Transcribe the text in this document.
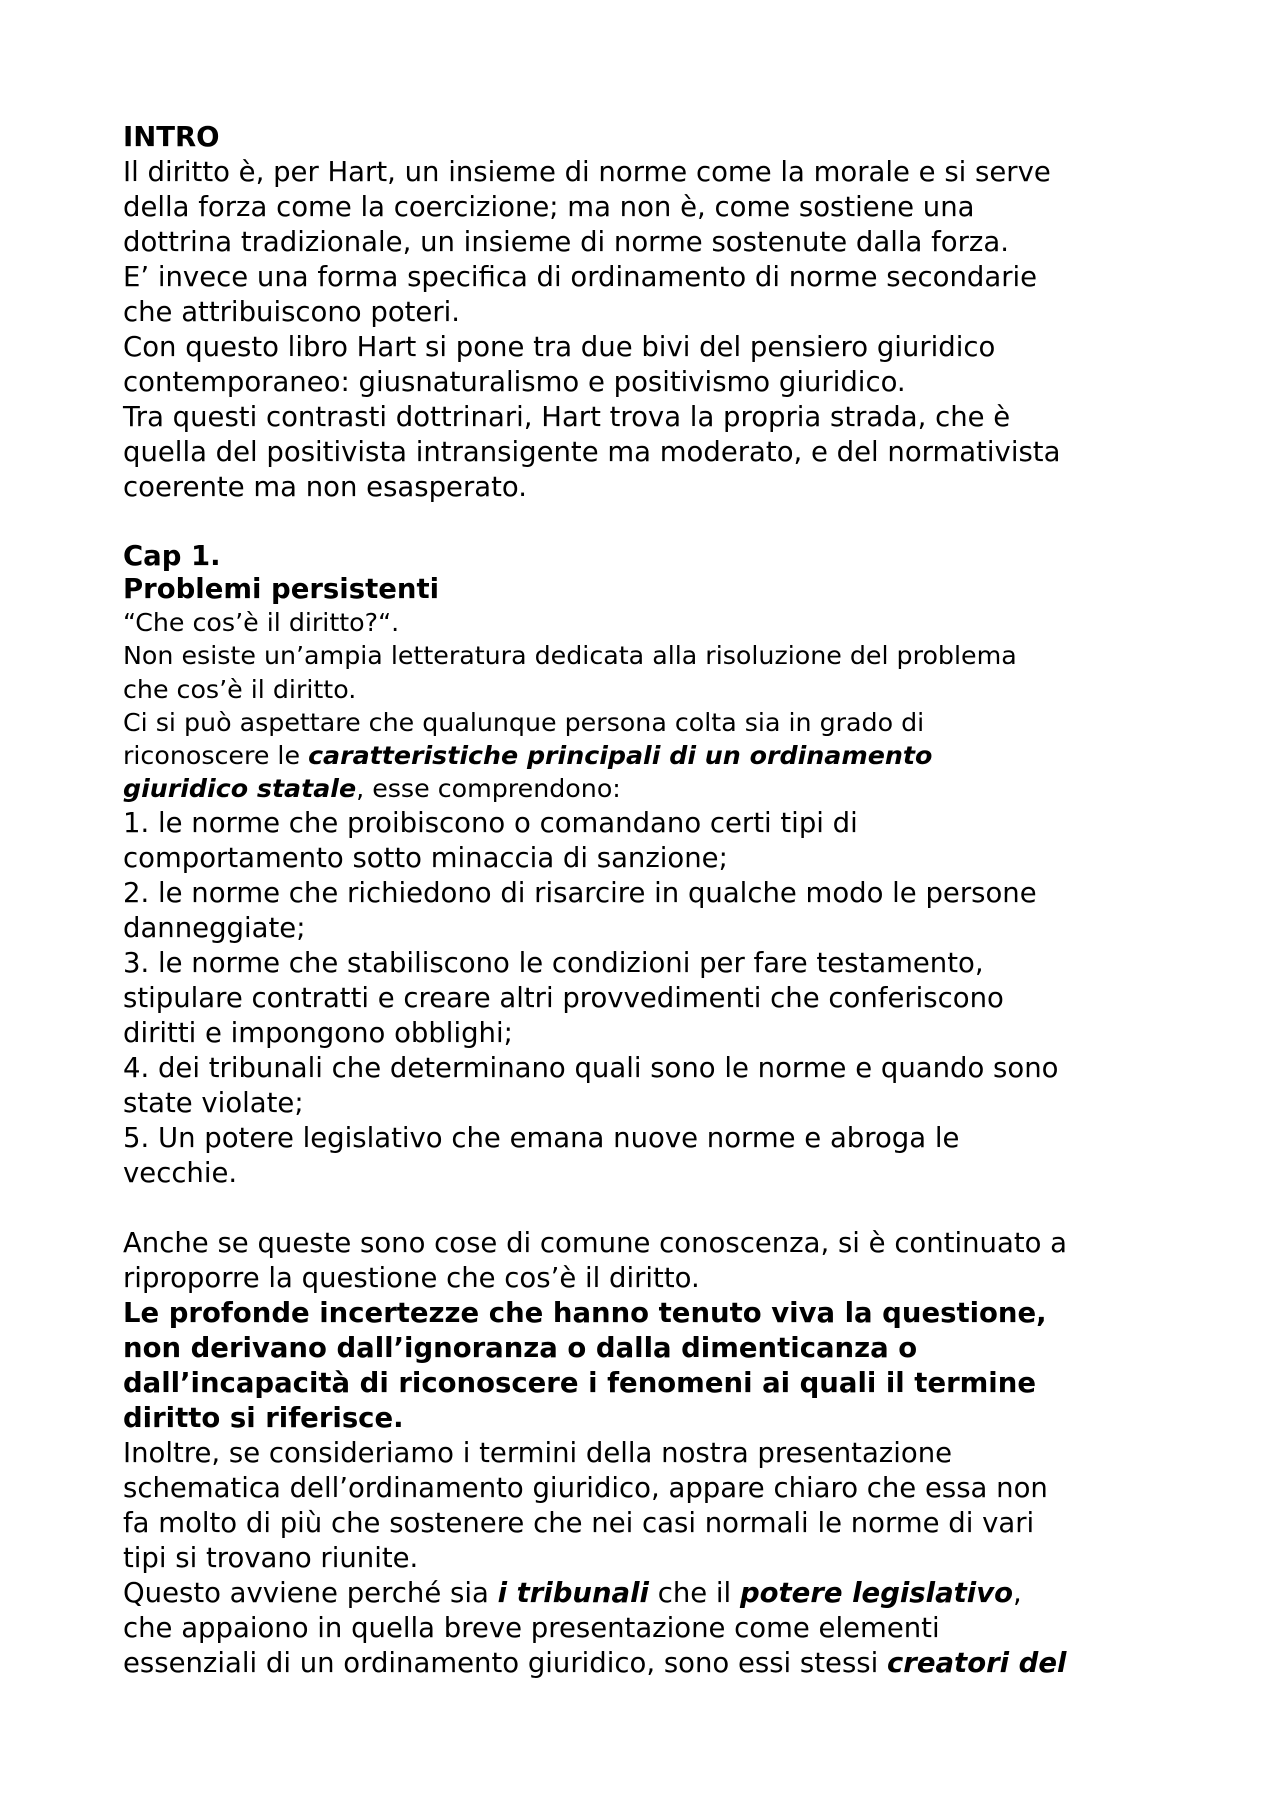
INTRO
Il diritto è, per Hart, un insieme di norme come la morale e si serve
della forza come la coercizione; ma non è, come sostiene una
dottrina tradizionale, un insieme di norme sostenute dalla forza.
E’ invece una forma specifica di ordinamento di norme secondarie
che attribuiscono poteri.
Con questo libro Hart si pone tra due bivi del pensiero giuridico
contemporaneo: giusnaturalismo e positivismo giuridico.
Tra questi contrasti dottrinari, Hart trova la propria strada, che è
quella del positivista intransigente ma moderato, e del normativista
coerente ma non esasperato.
Cap 1.
Problemi persistenti
“Che cos’è il diritto?“.
Non esiste un’ampia letteratura dedicata alla risoluzione del problema
che cos’è il diritto.
Ci si può aspettare che qualunque persona colta sia in grado di
riconoscere le caratteristiche principali di un ordinamento
giuridico statale, esse comprendono:
1. le norme che proibiscono o comandano certi tipi di
comportamento sotto minaccia di sanzione;
2. le norme che richiedono di risarcire in qualche modo le persone
danneggiate;
3. le norme che stabiliscono le condizioni per fare testamento,
stipulare contratti e creare altri provvedimenti che conferiscono
diritti e impongono obblighi;
4. dei tribunali che determinano quali sono le norme e quando sono
state violate;
5. Un potere legislativo che emana nuove norme e abroga le
vecchie.
Anche se queste sono cose di comune conoscenza, si è continuato a
riproporre la questione che cos’è il diritto.
Le profonde incertezze che hanno tenuto viva la questione,
non derivano dall’ignoranza o dalla dimenticanza o
dall’incapacità di riconoscere i fenomeni ai quali il termine
diritto si riferisce.
Inoltre, se consideriamo i termini della nostra presentazione
schematica dell’ordinamento giuridico, appare chiaro che essa non
fa molto di più che sostenere che nei casi normali le norme di vari
tipi si trovano riunite.
Questo avviene perché sia i tribunali che il potere legislativo,
che appaiono in quella breve presentazione come elementi
essenziali di un ordinamento giuridico, sono essi stessi creatori del
